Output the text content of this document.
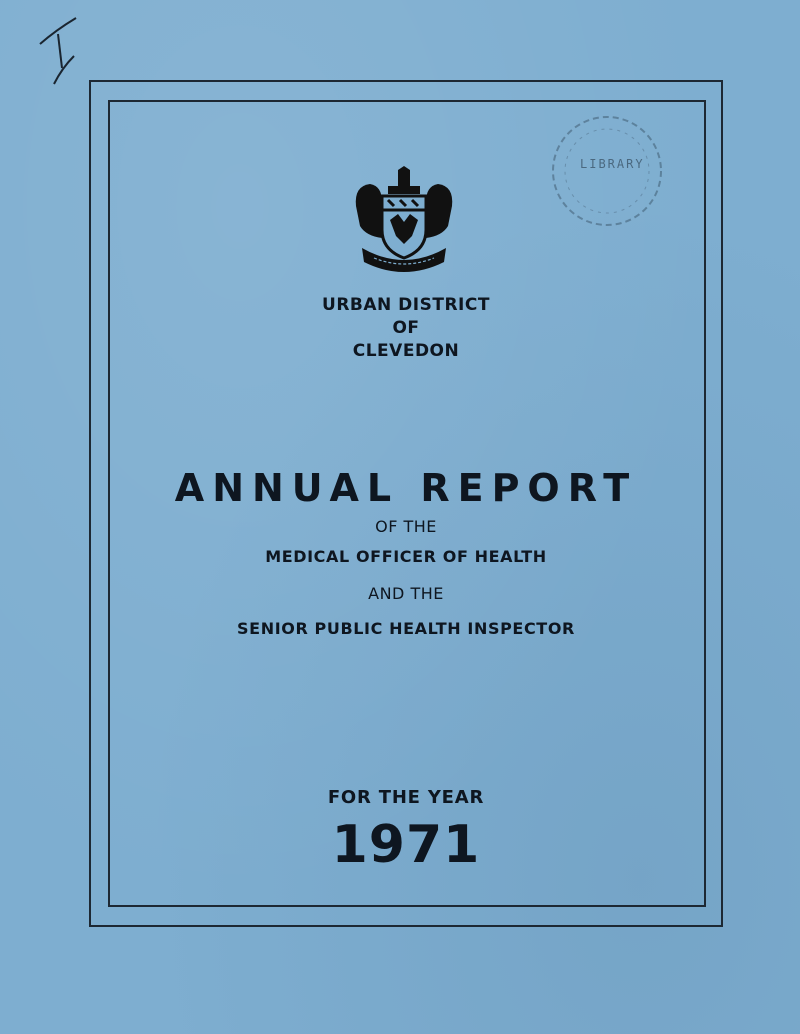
LIBRARY
URBAN DISTRICT
OF
CLEVEDON
ANNUAL REPORT
OF THE
MEDICAL OFFICER OF HEALTH
AND THE
SENIOR PUBLIC HEALTH INSPECTOR
FOR THE YEAR
1971
